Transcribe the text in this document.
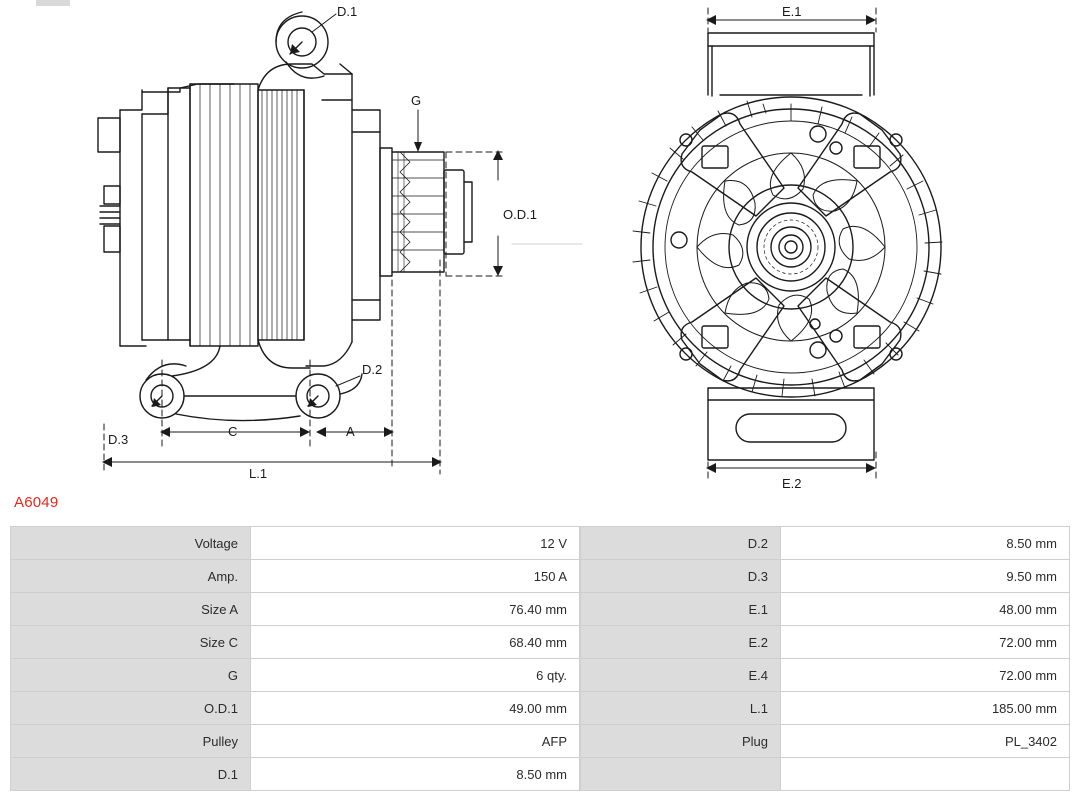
D.1
G
O.D.1
D.2
D.3
C	A
L.1
E.1
E.2
A6049
Voltage	12 V
Amp.	150 A
Size A	76.40 mm
Size C	68.40 mm
G	6 qty.
O.D.1	49.00 mm
Pulley	AFP
D.1	8.50 mm
D.2	8.50 mm
D.3	9.50 mm
E.1	48.00 mm
E.2	72.00 mm
E.4	72.00 mm
L.1	185.00 mm
Plug	PL_3402
